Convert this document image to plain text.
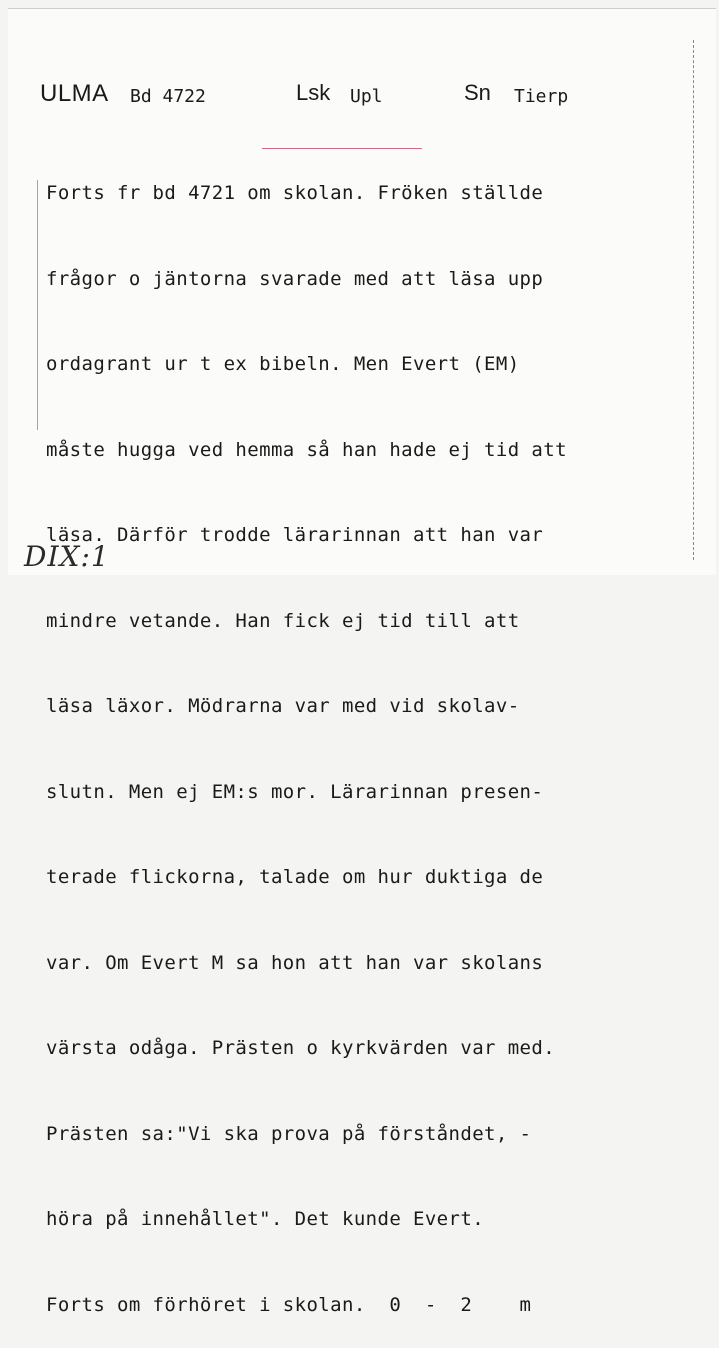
ULMA Bd 4722	Lsk Upl	Sn Tierp

Forts fr bd 4721 om skolan. Fröken ställde

frågor o jäntorna svarade med att läsa upp

ordagrant ur t ex bibeln. Men Evert (EM)

måste hugga ved hemma så han hade ej tid att

läsa. Därför trodde lärarinnan att han var

mindre vetande. Han fick ej tid till att

läsa läxor. Mödrarna var med vid skolav-

slutn. Men ej EM:s mor. Lärarinnan presen-

terade flickorna, talade om hur duktiga de

var. Om Evert M sa hon att han var skolans

värsta odåga. Prästen o kyrkvärden var med.

Prästen sa:"Vi ska prova på förståndet, -

höra på innehållet". Det kunde Evert.

Forts om förhöret i skolan.  0  -  2    m

DIX:1
